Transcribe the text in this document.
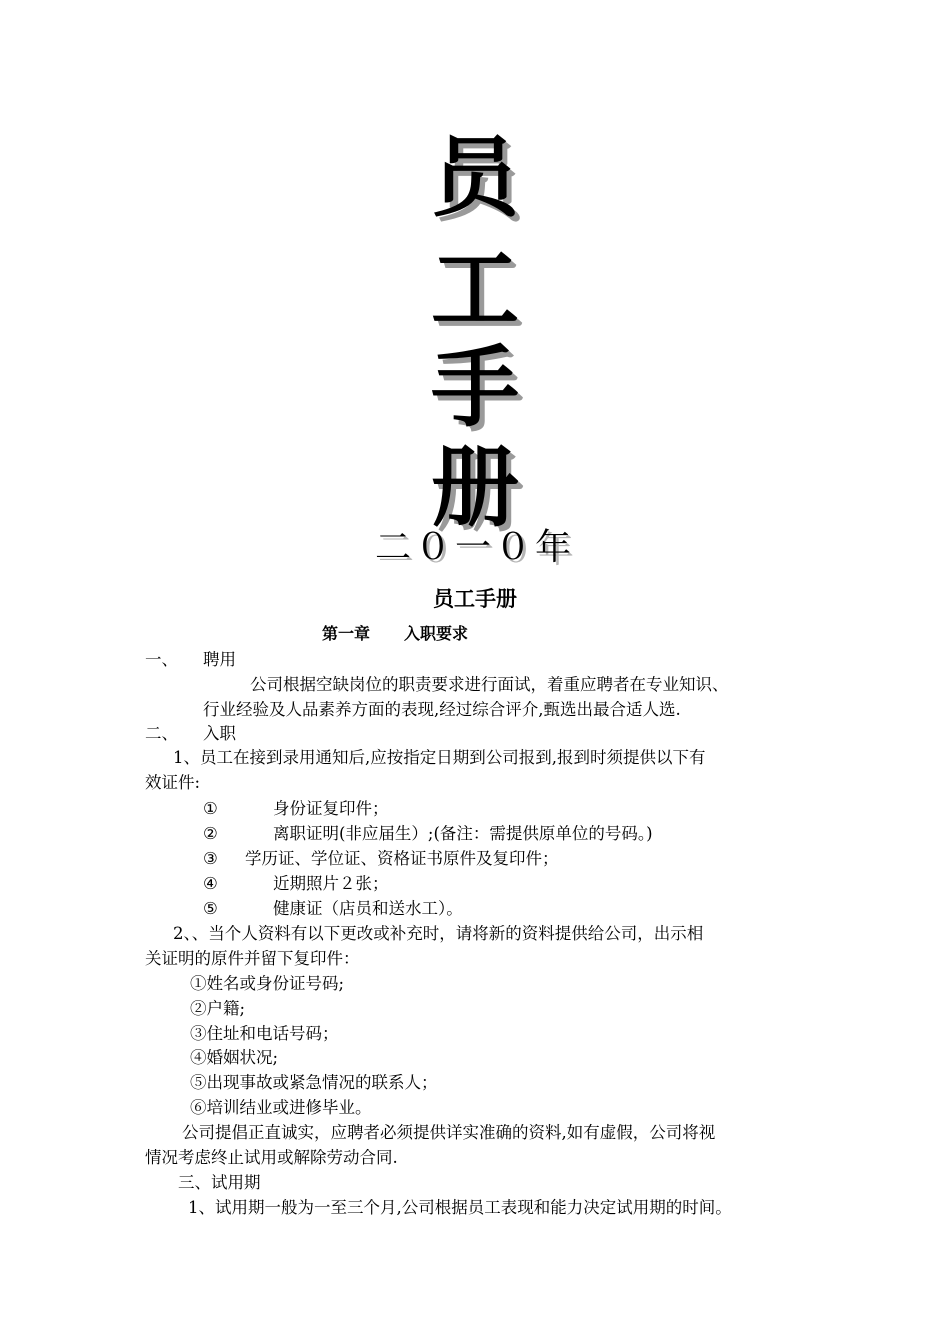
员
工
手
册
二０一０年
员工手册
第一章 入职要求
一、 聘用
公司根据空缺岗位的职责要求进行面试，着重应聘者在专业知识、
行业经验及人品素养方面的表现,经过综合评介,甄选出最合适人选.
二、 入职
1、员工在接到录用通知后,应按指定日期到公司报到,报到时须提供以下有
效证件:
①	身份证复印件；
②	离职证明(非应届生）;(备注：需提供原单位的号码。)
③ 学历证、学位证、资格证书原件及复印件；
④	近期照片２张；
⑤	健康证（店员和送水工）。
2、、当个人资料有以下更改或补充时，请将新的资料提供给公司，出示相
关证明的原件并留下复印件：
①姓名或身份证号码;
②户籍;
③住址和电话号码；
④婚姻状况;
⑤出现事故或紧急情况的联系人；
⑥培训结业或进修毕业。
公司提倡正直诚实，应聘者必须提供详实准确的资料,如有虚假，公司将视
情况考虑终止试用或解除劳动合同.
三、试用期
1、试用期一般为一至三个月,公司根据员工表现和能力决定试用期的时间。
